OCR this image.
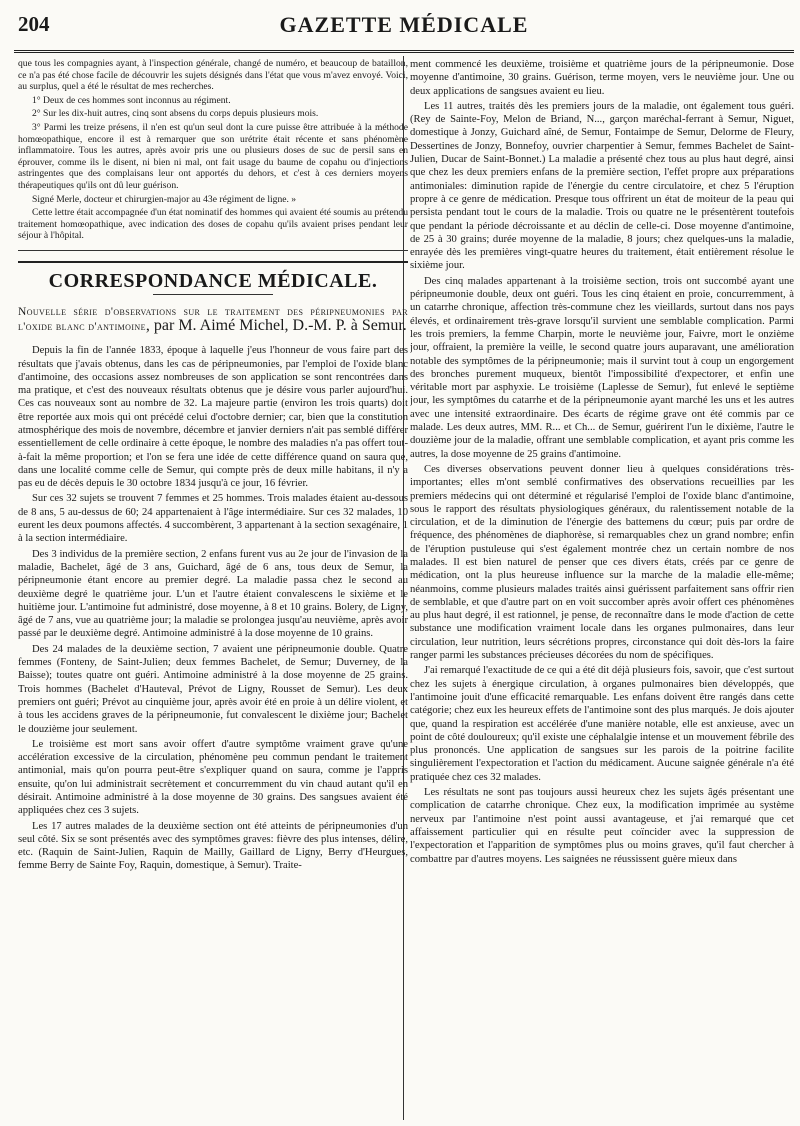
GAZETTE MÉDICALE
204

que tous les compagnies ayant, à l'inspection générale, changé de numéro, et beaucoup de bataillon, ce n'a pas été chose facile de découvrir les sujets désignés dans l'état que vous m'avez envoyé. Voici, au surplus, quel a été le résultat de mes recherches.

1° Deux de ces hommes sont inconnus au régiment.

2° Sur les dix-huit autres, cinq sont absens du corps depuis plusieurs mois.

3° Parmi les treize présens, il n'en est qu'un seul dont la cure puisse être attribuée à la méthode homœopathique, encore il est à remarquer que son urétrite était récente et sans phénomène inflammatoire. Tous les autres, après avoir pris une ou plusieurs doses de suc de persil sans en éprouver, comme ils le disent, ni bien ni mal, ont fait usage du baume de copahu ou d'injections astringentes que des complaisans leur ont apportés du dehors, et c'est à ces derniers moyens thérapeutiques qu'ils ont dû leur guérison.

Signé Merle, docteur et chirurgien-major au 43e régiment de ligne. »

Cette lettre était accompagnée d'un état nominatif des hommes qui avaient été soumis au prétendu traitement homœopathique, avec indication des doses de copahu qu'ils avaient prises pendant leur séjour à l'hôpital.

CORRESPONDANCE MÉDICALE.
Nouvelle série d'observations sur le traitement des péripneumonies par l'oxide blanc d'antimoine, par M. Aimé Michel, D.-M. P. à Semur.

Depuis la fin de l'année 1833, époque à laquelle j'eus l'honneur de vous faire part des résultats que j'avais obtenus, dans les cas de péripneumonies, par l'emploi de l'oxide blanc d'antimoine, des occasions assez nombreuses de son application se sont rencontrées dans ma pratique, et c'est des nouveaux résultats obtenus que je désire vous parler aujourd'hui. Ces cas nouveaux sont au nombre de 32. La majeure partie (environ les trois quarts) doit être reportée aux mois qui ont précédé celui d'octobre dernier; car, bien que la constitution atmosphérique des mois de novembre, décembre et janvier derniers n'ait pas semblé différer essentiellement de celle ordinaire à cette époque, le nombre des maladies n'a pas offert tout-à-fait la même proportion; et l'on se fera une idée de cette différence quand on saura que, dans une localité comme celle de Semur, qui compte près de deux mille habitans, il n'y a pas eu de décès depuis le 30 octobre 1834 jusqu'à ce jour, 16 février.

Sur ces 32 sujets se trouvent 7 femmes et 25 hommes. Trois malades étaient au-dessous de 8 ans, 5 au-dessus de 60; 24 appartenaient à l'âge intermédiaire. Sur ces 32 malades, 10 eurent les deux poumons affectés. 4 succombèrent, 3 appartenant à la section sexagénaire, 1 à la section intermédiaire.

Des 3 individus de la première section, 2 enfans furent vus au 2e jour de l'invasion de la maladie, Bachelet, âgé de 3 ans, Guichard, âgé de 6 ans, tous deux de Semur, la péripneumonie étant encore au premier degré. La maladie passa chez le second au deuxième degré le quatrième jour. L'un et l'autre étaient convalescens le sixième et le huitième jour. L'antimoine fut administré, dose moyenne, à 8 et 10 grains. Bolery, de Ligny, âgé de 7 ans, vue au quatrième jour; la maladie se prolongea jusqu'au neuvième, après avoir passé par le deuxième degré. Antimoine administré à la dose moyenne de 10 grains.

Des 24 malades de la deuxième section, 7 avaient une péripneumonie double. Quatre femmes (Fonteny, de Saint-Julien; deux femmes Bachelet, de Semur; Duverney, de la Baisse); toutes quatre ont guéri. Antimoine administré à la dose moyenne de 25 grains. Trois hommes (Bachelet d'Hauteval, Prévot de Ligny, Rousset de Semur). Les deux premiers ont guéri; Prévot au cinquième jour, après avoir été en proie à un délire violent, et à tous les accidens graves de la péripneumonie, fut convalescent le dixième jour; Bachelet le douzième jour seulement.

Le troisième est mort sans avoir offert d'autre symptôme vraiment grave qu'une accélération excessive de la circulation, phénomène peu commun pendant le traitement antimonial, mais qu'on pourra peut-être s'expliquer quand on saura, comme je l'appris ensuite, qu'on lui administrait secrètement et concurremment du vin chaud autant qu'il en désirait. Antimoine administré à la dose moyenne de 30 grains. Des sangsues avaient été appliquées chez ces 3 sujets.

Les 17 autres malades de la deuxième section ont été atteints de péripneumonies d'un seul côté. Six se sont présentés avec des symptômes graves: fièvre des plus intenses, délire, etc. (Raquin de Saint-Julien, Raquin de Mailly, Gaillard de Ligny, Berry d'Heurgues, femme Berry de Sainte Foy, Raquin, domestique, à Semur). Traite-

ment commencé les deuxième, troisième et quatrième jours de la péripneumonie. Dose moyenne d'antimoine, 30 grains. Guérison, terme moyen, vers le neuvième jour. Une ou deux applications de sangsues avaient eu lieu.

Les 11 autres, traités dès les premiers jours de la maladie, ont également tous guéri. (Rey de Sainte-Foy, Melon de Briand, N..., garçon maréchal-ferrant à Semur, Niguet, domestique à Jonzy, Guichard aîné, de Semur, Fontaimpe de Semur, Delorme de Fleury, Dessertines de Jonzy, Bonnefoy, ouvrier charpentier à Semur, femmes Bachelet de Saint-Julien, Ducar de Saint-Bonnet.) La maladie a présenté chez tous au plus haut degré, ainsi que chez les deux premiers enfans de la première section, l'effet propre aux préparations antimoniales: diminution rapide de l'énergie du centre circulatoire, et chez 5 l'éruption propre à ce genre de médication. Presque tous offrirent un état de moiteur de la peau qui persista pendant tout le cours de la maladie. Trois ou quatre ne le présentèrent toutefois que pendant la période décroissante et au déclin de celle-ci. Dose moyenne d'antimoine, de 25 à 30 grains; durée moyenne de la maladie, 8 jours; chez quelques-uns la maladie, enrayée dès les premières vingt-quatre heures du traitement, était entièrement résolue le sixième jour.

Des cinq malades appartenant à la troisième section, trois ont succombé ayant une péripneumonie double, deux ont guéri. Tous les cinq étaient en proie, concurremment, à un catarrhe chronique, affection très-commune chez les vieillards, surtout dans nos pays élevés, et ordinairement très-grave lorsqu'il survient une semblable complication. Parmi les trois premiers, la femme Charpin, morte le neuvième jour, Faivre, mort le onzième jour, offraient, la première la veille, le second quatre jours auparavant, une amélioration notable des symptômes de la péripneumonie; mais il survint tout à coup un engorgement des bronches purement muqueux, bientôt l'impossibilité d'expectorer, et enfin une véritable mort par asphyxie. Le troisième (Laplesse de Semur), fut enlevé le septième jour, les symptômes du catarrhe et de la péripneumonie ayant marché les uns et les autres avec une intensité extraordinaire. Des écarts de régime grave ont été commis par ce malade. Les deux autres, MM. R... et Ch... de Semur, guérirent l'un le dixième, l'autre le douzième jour de la maladie, offrant une semblable complication, et ayant pris comme les autres, la dose moyenne de 25 grains d'antimoine.

Ces diverses observations peuvent donner lieu à quelques considérations très-importantes; elles m'ont semblé confirmatives des observations recueillies par les premiers médecins qui ont déterminé et régularisé l'emploi de l'oxide blanc d'antimoine, sous le rapport des résultats physiologiques généraux, du ralentissement notable de la circulation, et de la diminution de l'énergie des battemens du cœur; puis par ordre de fréquence, des phénomènes de diaphorèse, si remarquables chez un grand nombre; enfin de l'éruption pustuleuse qui s'est également montrée chez un certain nombre de nos malades. Il est bien naturel de penser que ces divers états, créés par ce genre de médication, ont la plus heureuse influence sur la marche de la maladie elle-même; néanmoins, comme plusieurs malades traités ainsi guérissent parfaitement sans offrir rien de semblable, et que d'autre part on en voit succomber après avoir offert ces phénomènes au plus haut degré, il est rationnel, je pense, de reconnaître dans le mode d'action de cette substance une modification vraiment locale dans les organes pulmonaires, dans leur circulation, leur nutrition, leurs sécrétions propres, circonstance qui doit dès-lors la faire ranger parmi les substances précieuses décorées du nom de spécifiques.

J'ai remarqué l'exactitude de ce qui a été dit déjà plusieurs fois, savoir, que c'est surtout chez les sujets à énergique circulation, à organes pulmonaires bien développés, que l'antimoine jouit d'une efficacité remarquable. Les enfans doivent être rangés dans cette catégorie; chez eux les heureux effets de l'antimoine sont des plus marqués. Je dois ajouter que, quand la respiration est accélérée d'une manière notable, elle est anxieuse, avec un point de côté douloureux; qu'il existe une céphalalgie intense et un mouvement fébrile des plus prononcés. Une application de sangsues sur les parois de la poitrine facilite singulièrement l'expectoration et l'action du médicament. Aucune saignée générale n'a été pratiquée chez ces 32 malades.

Les résultats ne sont pas toujours aussi heureux chez les sujets âgés présentant une complication de catarrhe chronique. Chez eux, la modification imprimée au système nerveux par l'antimoine n'est point aussi avantageuse, et j'ai remarqué que cet affaissement particulier qui en résulte peut coïncider avec la suppression de l'expectoration et l'apparition de symptômes plus ou moins graves, qu'il faut chercher à combattre par d'autres moyens. Les saignées ne réussissent guère mieux dans
